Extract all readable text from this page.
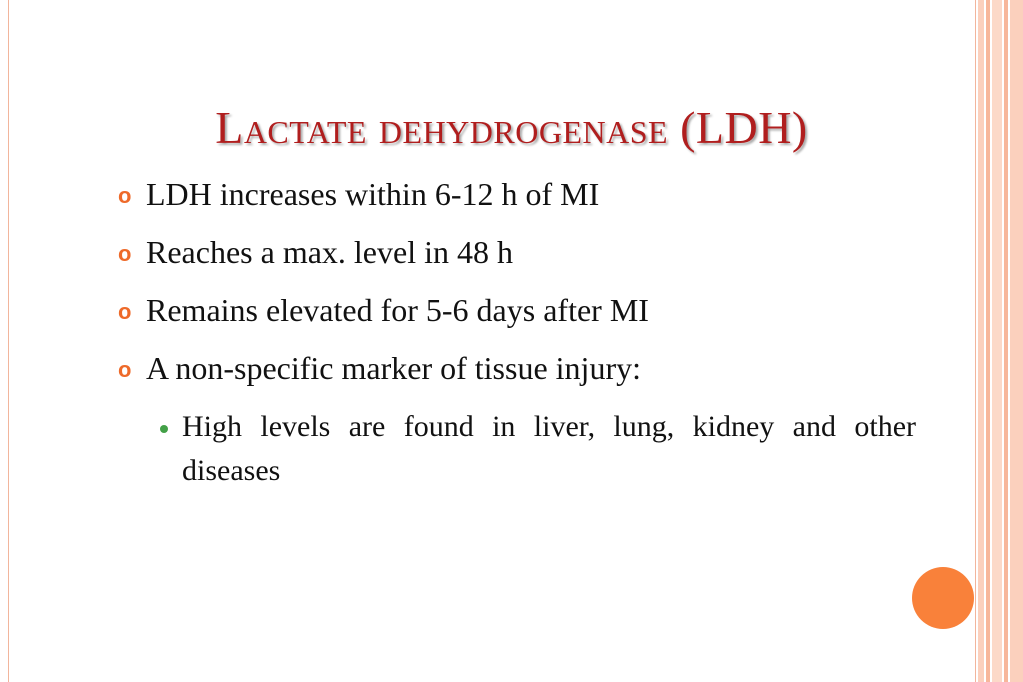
Lactate dehydrogenase (LDH)
o LDH increases within 6-12 h of MI
o Reaches a max. level in 48 h
o Remains elevated for 5-6 days after MI
o A non-specific marker of tissue injury:
High levels are found in liver, lung, kidney and other diseases
